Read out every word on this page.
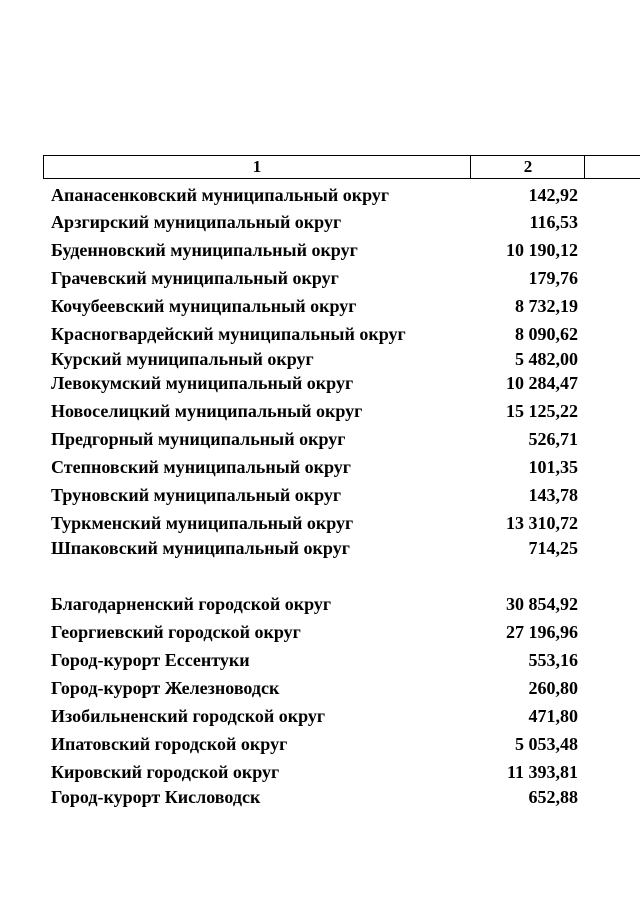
1	2
Апанасенковский муниципальный округ	142,92
Арзгирский муниципальный округ	116,53
Буденновский муниципальный округ	10 190,12
Грачевский муниципальный округ	179,76
Кочубеевский муниципальный округ	8 732,19
Красногвардейский муниципальный округ	8 090,62
Курский муниципальный округ	5 482,00
Левокумский муниципальный округ	10 284,47
Новоселицкий муниципальный округ	15 125,22
Предгорный муниципальный округ	526,71
Степновский муниципальный округ	101,35
Труновский муниципальный округ	143,78
Туркменский муниципальный округ	13 310,72
Шпаковский муниципальный округ	714,25
Благодарненский городской округ	30 854,92
Георгиевский городской округ	27 196,96
Город-курорт Ессентуки	553,16
Город-курорт Железноводск	260,80
Изобильненский городской округ	471,80
Ипатовский городской округ	5 053,48
Кировский городской округ	11 393,81
Город-курорт Кисловодск	652,88
